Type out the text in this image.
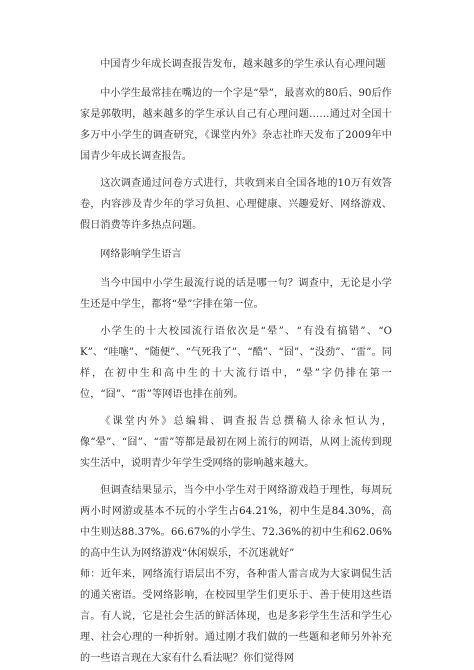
中国青少年成长调查报告发布，越来越多的学生承认有心理问题

中小学生最常挂在嘴边的一个字是“晕”，最喜欢的80后、90后作家是郭敬明，越来越多的学生承认自己有心理问题……通过对全国十多万中小学生的调查研究，《课堂内外》杂志社昨天发布了2009年中国青少年成长调查报告。

这次调查通过问卷方式进行，共收到来自全国各地的10万有效答卷，内容涉及青少年的学习负担、心理健康、兴趣爱好、网络游戏、假日消费等许多热点问题。

网络影响学生语言

当今中国中小学生最流行说的话是哪一句？调查中，无论是小学生还是中学生，都将“晕”字排在第一位。

小学生的十大校园流行语依次是“晕”、“有没有搞错”、“OK”、“哇噻”、“随便”、“气死我了”、“酷”、“囧”、“没劲”、“雷”。同样，在初中生和高中生的十大流行语中，“晕”字仍排在第一位，“囧”、“雷”等网语也排在前列。

《课堂内外》总编辑、调查报告总撰稿人徐永恒认为，像“晕”、“囧”、“雷”等都是最初在网上流行的网语，从网上流传到现实生活中，说明青少年学生受网络的影响越来越大。

但调查结果显示，当今中小学生对于网络游戏趋于理性，每周玩两小时网游或基本不玩的小学生占64.21%，初中生是84.30%，高中生则达88.37%。66.67%的小学生、72.36%的初中生和62.06%的高中生认为网络游戏“休闲娱乐，不沉迷就好”

师：近年来，网络流行语层出不穷，各种雷人雷言成为大家调侃生活的通关密语。受网络影响，在校园里学生们更乐于、善于使用这些语言。有人说，它是社会生活的鲜活体现，也是多彩学生生活和学生心理、社会心理的一种折射。通过刚才我们做的一些题和老师另外补充的一些语言现在大家有什么看法呢？你们觉得网
